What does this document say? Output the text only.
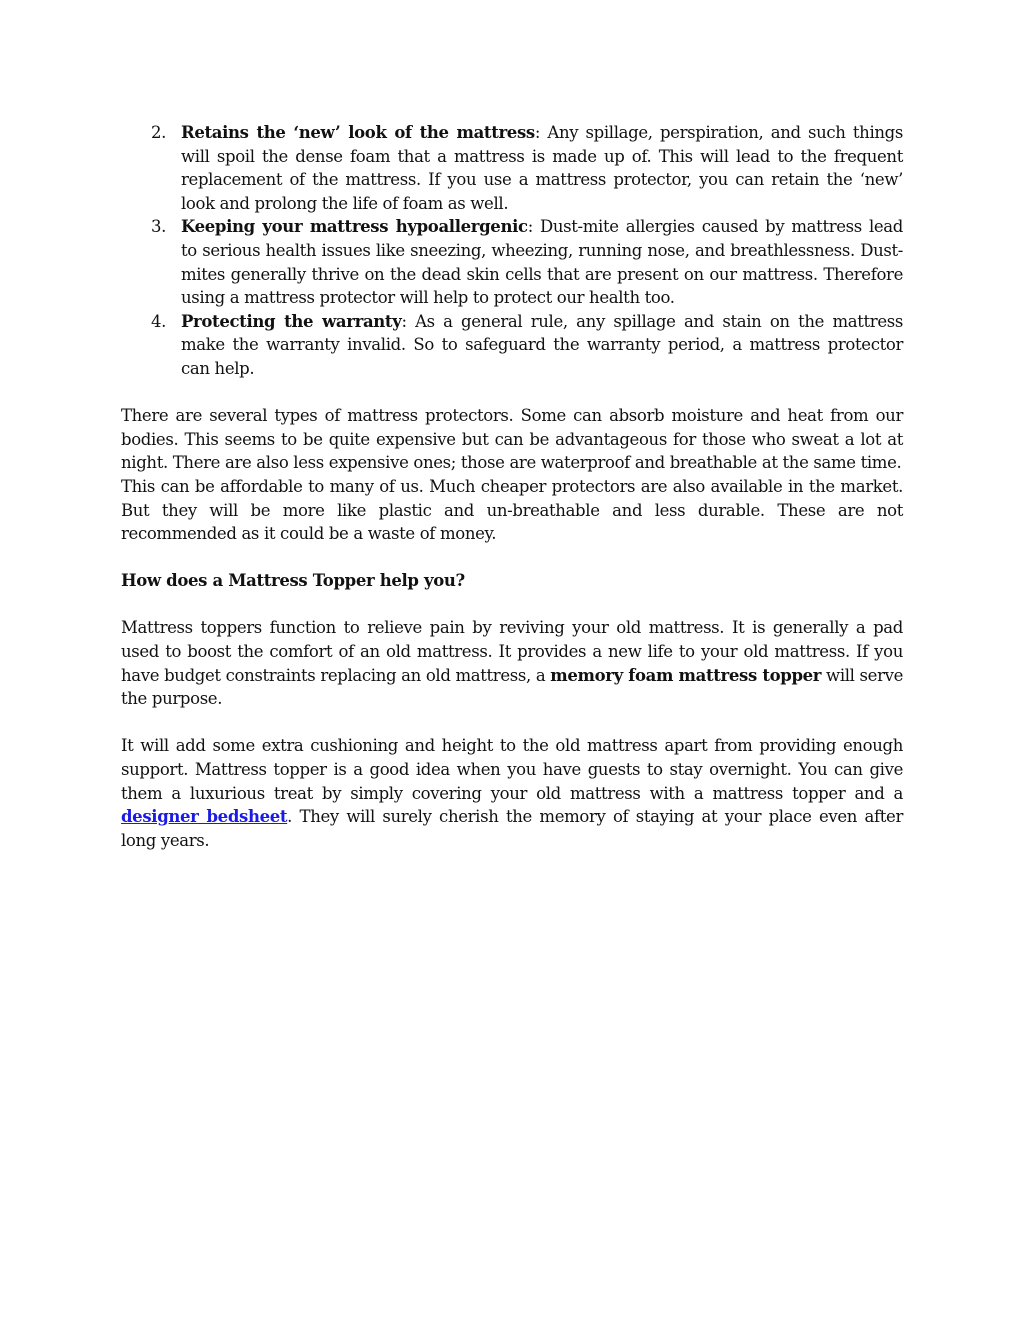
2. Retains the ‘new’ look of the mattress: Any spillage, perspiration, and such things will spoil the dense foam that a mattress is made up of. This will lead to the frequent replacement of the mattress. If you use a mattress protector, you can retain the ‘new’ look and prolong the life of foam as well.
3. Keeping your mattress hypoallergenic: Dust-mite allergies caused by mattress lead to serious health issues like sneezing, wheezing, running nose, and breathlessness. Dust-mites generally thrive on the dead skin cells that are present on our mattress. Therefore using a mattress protector will help to protect our health too.
4. Protecting the warranty: As a general rule, any spillage and stain on the mattress make the warranty invalid. So to safeguard the warranty period, a mattress protector can help.

There are several types of mattress protectors. Some can absorb moisture and heat from our bodies. This seems to be quite expensive but can be advantageous for those who sweat a lot at night. There are also less expensive ones; those are waterproof and breathable at the same time.

This can be affordable to many of us. Much cheaper protectors are also available in the market. But they will be more like plastic and un-breathable and less durable. These are not recommended as it could be a waste of money.

How does a Mattress Topper help you?

Mattress toppers function to relieve pain by reviving your old mattress. It is generally a pad used to boost the comfort of an old mattress. It provides a new life to your old mattress. If you have budget constraints replacing an old mattress, a memory foam mattress topper will serve the purpose.

It will add some extra cushioning and height to the old mattress apart from providing enough support. Mattress topper is a good idea when you have guests to stay overnight. You can give them a luxurious treat by simply covering your old mattress with a mattress topper and a designer bedsheet. They will surely cherish the memory of staying at your place even after long years.
